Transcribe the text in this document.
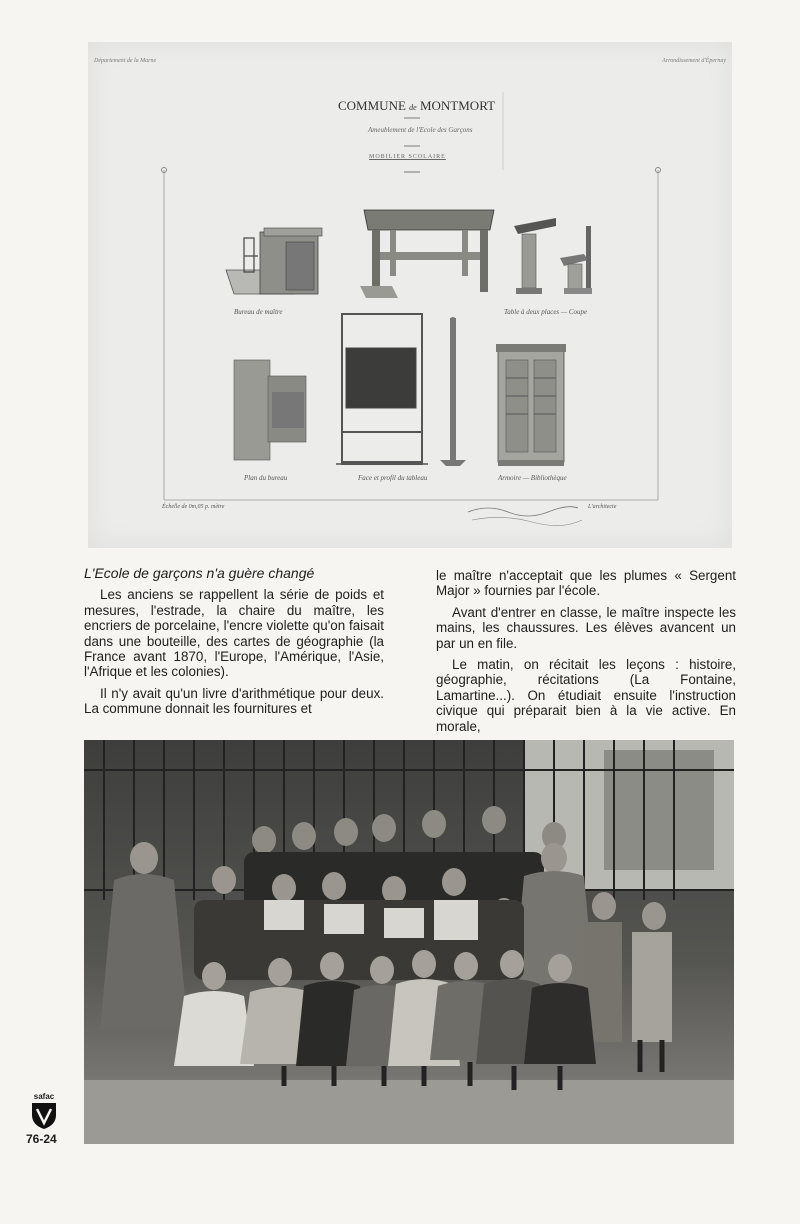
Département de la Marne	Arrondissement d'Épernay
COMMUNE de MONTMORT
Ameublement de l'Ecole des Garçons
MOBILIER SCOLAIRE
Bureau de maître	Table à deux places — Coupe
Plan du bureau	Face et profil du tableau	Armoire — Bibliothèque
Échelle de 0m,05 p. mètre	L'architecte
L'Ecole de garçons n'a guère changé

Les anciens se rappellent la série de poids et mesures, l'estrade, la chaire du maître, les encriers de porcelaine, l'encre violette qu'on faisait dans une bouteille, des cartes de géographie (la France avant 1870, l'Europe, l'Amérique, l'Asie, l'Afrique et les colonies).

Il n'y avait qu'un livre d'arithmétique pour deux. La commune donnait les fournitures et

le maître n'acceptait que les plumes « Sergent Major » fournies par l'école.

Avant d'entrer en classe, le maître inspecte les mains, les chaussures. Les élèves avancent un par un en file.

Le matin, on récitait les leçons : histoire, géographie, récitations (La Fontaine, Lamartine...). On étudiait ensuite l'instruction civique qui préparait bien à la vie active. En morale,

safac
76-24
